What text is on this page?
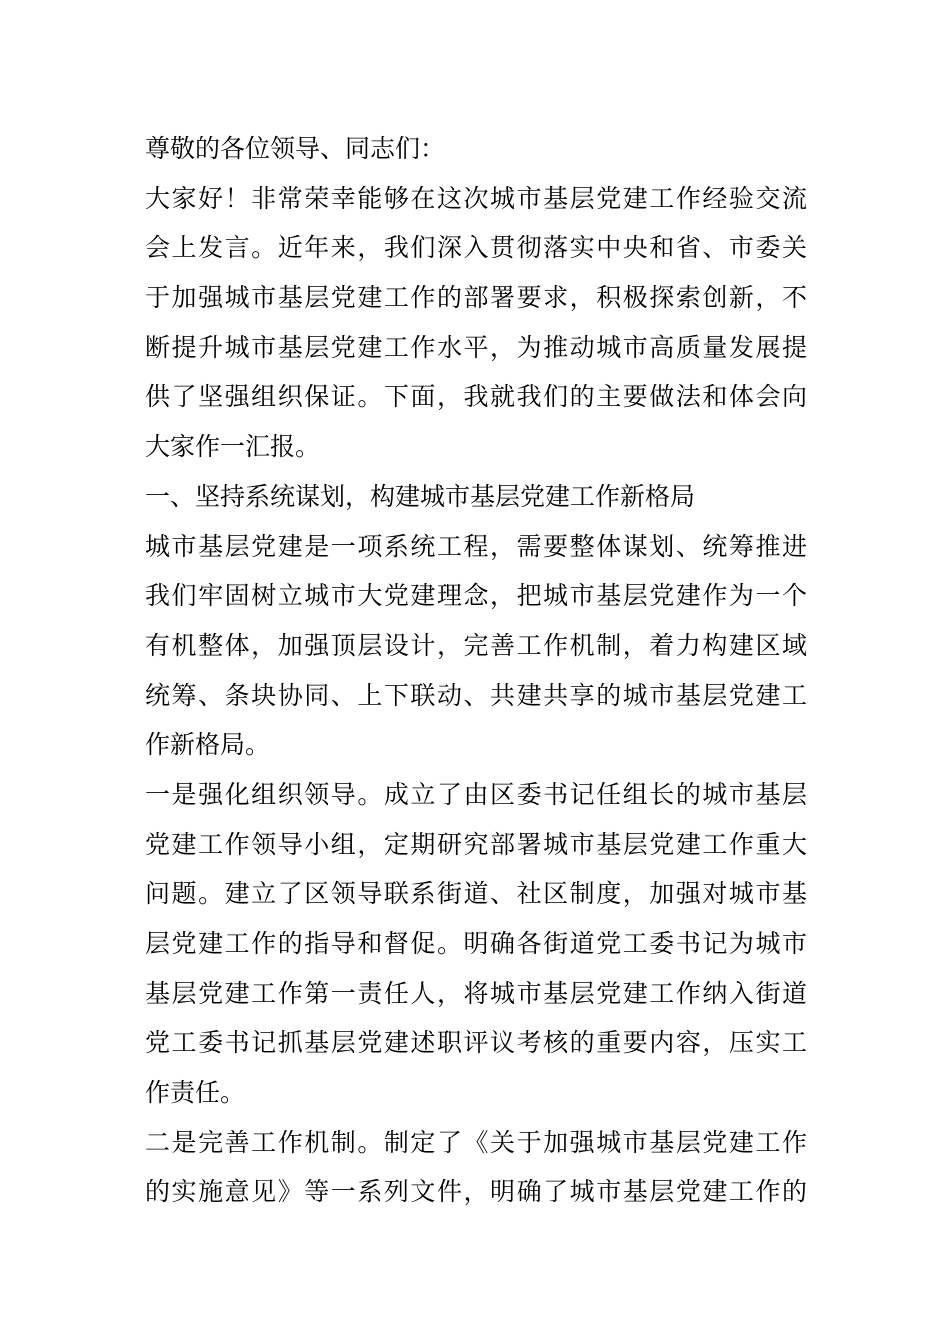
尊敬的各位领导、同志们：
大家好！非常荣幸能够在这次城市基层党建工作经验交流
会上发言。近年来，我们深入贯彻落实中央和省、市委关
于加强城市基层党建工作的部署要求，积极探索创新，不
断提升城市基层党建工作水平，为推动城市高质量发展提
供了坚强组织保证。下面，我就我们的主要做法和体会向
大家作一汇报。
一、坚持系统谋划，构建城市基层党建工作新格局
城市基层党建是一项系统工程，需要整体谋划、统筹推进
我们牢固树立城市大党建理念，把城市基层党建作为一个
有机整体，加强顶层设计，完善工作机制，着力构建区域
统筹、条块协同、上下联动、共建共享的城市基层党建工
作新格局。
一是强化组织领导。成立了由区委书记任组长的城市基层
党建工作领导小组，定期研究部署城市基层党建工作重大
问题。建立了区领导联系街道、社区制度，加强对城市基
层党建工作的指导和督促。明确各街道党工委书记为城市
基层党建工作第一责任人，将城市基层党建工作纳入街道
党工委书记抓基层党建述职评议考核的重要内容，压实工
作责任。
二是完善工作机制。制定了《关于加强城市基层党建工作
的实施意见》等一系列文件，明确了城市基层党建工作的
